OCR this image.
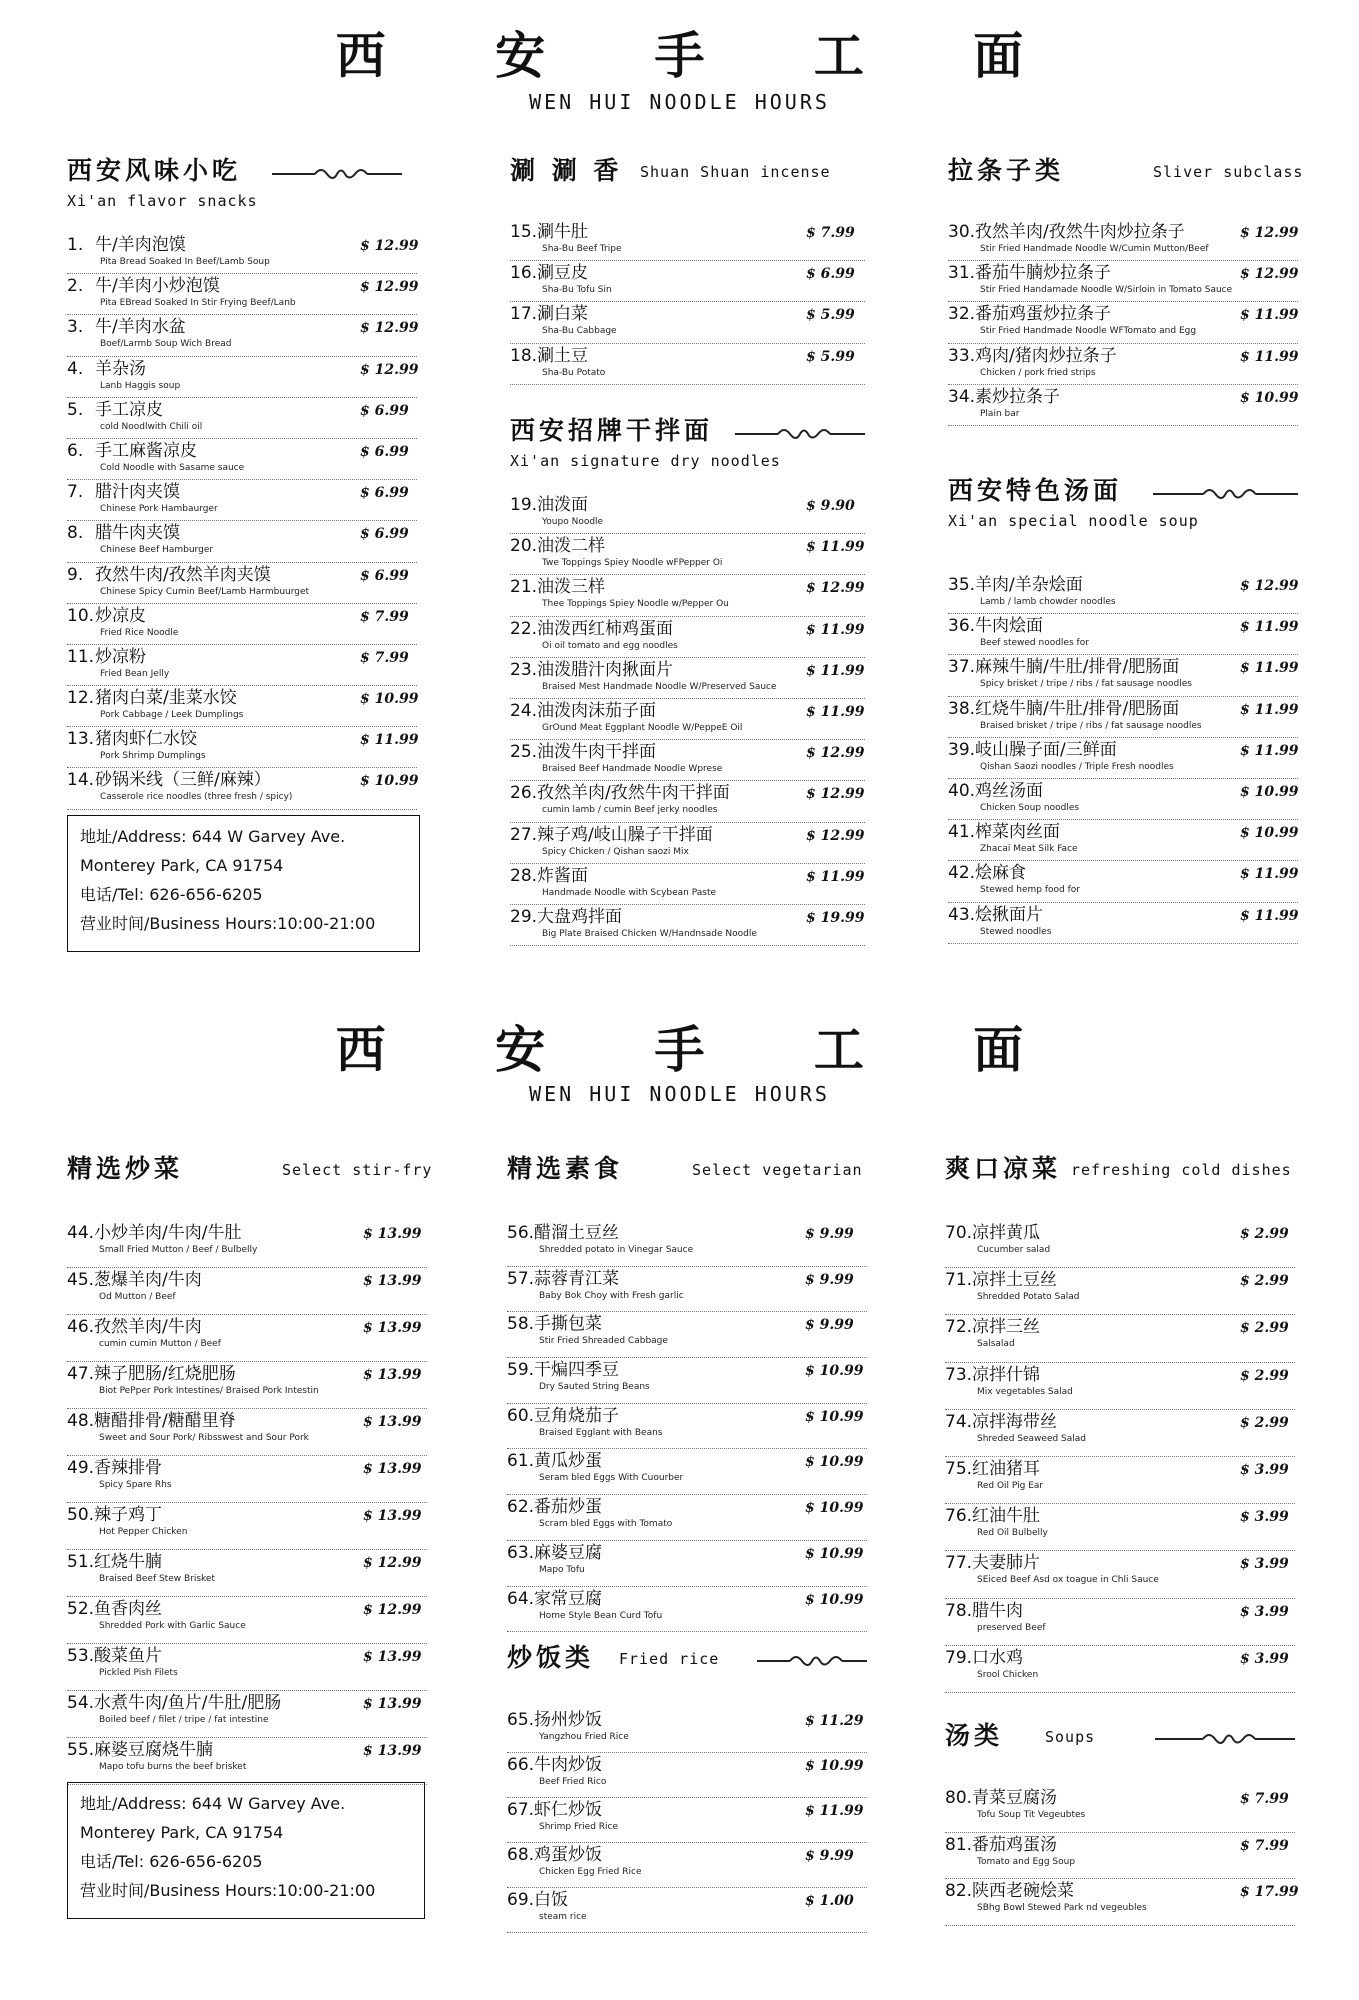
西 安 手 工 面
WEN HUI NOODLE HOURS
西安风味小吃
Xi'an flavor snacks
1. 牛/羊肉泡馍
Pita Bread Soaked In Beef/Lamb Soup
$ 12.99
2. 牛/羊肉小炒泡馍
Pita EBread Soaked In Stir Frying Beef/Lanb
$ 12.99
3. 牛/羊肉水盆
Boef/Larmb Soup Wich Bread
$ 12.99
4. 羊杂汤
Lanb Haggis soup
$ 12.99
5. 手工凉皮
cold Noodlwith Chili oil
$ 6.99
6. 手工麻酱凉皮
Cold Noodle with Sasame sauce
$ 6.99
7. 腊汁肉夹馍
Chinese Pork Hambaurger
$ 6.99
8. 腊牛肉夹馍
Chinese Beef Hamburger
$ 6.99
9. 孜然牛肉/孜然羊肉夹馍
Chinese Spicy Cumin Beef/Lamb Harmbuurget
$ 6.99
10.炒凉皮
Fried Rice Noodle
$ 7.99
11.炒凉粉
Fried Bean Jelly
$ 7.99
12.猪肉白菜/韭菜水饺
Pork Cabbage / Leek Dumplings
$ 10.99
13.猪肉虾仁水饺
Pork Shrimp Dumplings
$ 11.99
14.砂锅米线（三鲜/麻辣）
Casserole rice noodles (three fresh / spicy)
$ 10.99
地址/Address: 644 W Garvey Ave.
Monterey Park, CA 91754
电话/Tel: 626-656-6205
营业时间/Business Hours:10:00-21:00
涮 涮 香 Shuan Shuan incense
15.涮牛肚
Sha-Bu Beef Tripe
$ 7.99
16.涮豆皮
Sha-Bu Tofu Sin
$ 6.99
17.涮白菜
Sha-Bu Cabbage
$ 5.99
18.涮土豆
Sha-Bu Potato
$ 5.99
西安招牌干拌面
Xi'an signature dry noodles
19.油泼面
Youpo Noodle
$ 9.90
20.油泼二样
Twe Toppings Spiey Noodle wFPepper Oi
$ 11.99
21.油泼三样
Thee Toppings Spiey Noodle w/Pepper Ou
$ 12.99
22.油泼西红柿鸡蛋面
Oi oil tomato and egg noodles
$ 11.99
23.油泼腊汁肉揪面片
Braised Mest Handmade Noodle W/Preserved Sauce
$ 11.99
24.油泼肉沫茄子面
GrOund Meat Eggplant Noodle W/PeppeE Oil
$ 11.99
25.油泼牛肉干拌面
Braised Beef Handmade Noodle Wprese
$ 12.99
26.孜然羊肉/孜然牛肉干拌面
cumin lamb / cumin Beef jerky noodles
$ 12.99
27.辣子鸡/岐山臊子干拌面
Spicy Chicken / Qishan saozi Mix
$ 12.99
28.炸酱面
Handmade Noodle with Scybean Paste
$ 11.99
29.大盘鸡拌面
Big Plate Braised Chicken W/Handnsade Noodle
$ 19.99
拉条子类	Sliver subclass
30.孜然羊肉/孜然牛肉炒拉条子
Stir Fried Handmade Noodle W/Cumin Mutton/Beef
$ 12.99
31.番茄牛腩炒拉条子
Stir Fried Handamade Noodle W/Sirloin in Tomato Sauce
$ 12.99
32.番茄鸡蛋炒拉条子
Stir Fried Handmade Noodle WFTomato and Egg
$ 11.99
33.鸡肉/猪肉炒拉条子
Chicken / pork fried strips
$ 11.99
34.素炒拉条子
Plain bar
$ 10.99
西安特色汤面
Xi'an special noodle soup
35.羊肉/羊杂烩面
Lamb / lamb chowder noodles
$ 12.99
36.牛肉烩面
Beef stewed noodles for
$ 11.99
37.麻辣牛腩/牛肚/排骨/肥肠面
Spicy brisket / tripe / ribs / fat sausage noodles
$ 11.99
38.红烧牛腩/牛肚/排骨/肥肠面
Braised brisket / tripe / ribs / fat sausage noodles
$ 11.99
39.岐山臊子面/三鲜面
Qishan Saozi noodles / Triple Fresh noodles
$ 11.99
40.鸡丝汤面
Chicken Soup noodles
$ 10.99
41.榨菜肉丝面
Zhacai Meat Silk Face
$ 10.99
42.烩麻食
Stewed hemp food for
$ 11.99
43.烩揪面片
Stewed noodles
$ 11.99
西 安 手 工 面
WEN HUI NOODLE HOURS
精选炒菜	Select stir-fry
44.小炒羊肉/牛肉/牛肚
Small Fried Mutton / Beef / Bulbelly
$ 13.99
45.葱爆羊肉/牛肉
Od Mutton / Beef
$ 13.99
46.孜然羊肉/牛肉
cumin cumin Mutton / Beef
$ 13.99
47.辣子肥肠/红烧肥肠
Biot PePper Pork Intestines/ Braised Pork Intestin
$ 13.99
48.糖醋排骨/糖醋里脊
Sweet and Sour Pork/ Ribsswest and Sour Pork
$ 13.99
49.香辣排骨
Spicy Spare Rhs
$ 13.99
50.辣子鸡丁
Hot Pepper Chicken
$ 13.99
51.红烧牛腩
Braised Beef Stew Brisket
$ 12.99
52.鱼香肉丝
Shredded Pork with Garlic Sauce
$ 12.99
53.酸菜鱼片
Pickled Pish Filets
$ 13.99
54.水煮牛肉/鱼片/牛肚/肥肠
Boiled beef / filet / tripe / fat intestine
$ 13.99
55.麻婆豆腐烧牛腩
Mapo tofu burns the beef brisket
$ 13.99
地址/Address: 644 W Garvey Ave.
Monterey Park, CA 91754
电话/Tel: 626-656-6205
营业时间/Business Hours:10:00-21:00
精选素食	Select vegetarian
56.醋溜土豆丝
Shredded potato in Vinegar Sauce
$ 9.99
57.蒜蓉青江菜
Baby Bok Choy with Fresh garlic
$ 9.99
58.手撕包菜
Stir Fried Shreaded Cabbage
$ 9.99
59.干煸四季豆
Dry Sauted String Beans
$ 10.99
60.豆角烧茄子
Braised Egglant with Beans
$ 10.99
61.黄瓜炒蛋
Seram bled Eggs With Cuourber
$ 10.99
62.番茄炒蛋
Scram bled Eggs with Tomato
$ 10.99
63.麻婆豆腐
Mapo Tofu
$ 10.99
64.家常豆腐
Home Style Bean Curd Tofu
$ 10.99
炒饭类 Fried rice
65.扬州炒饭
Yangzhou Fried Rice
$ 11.29
66.牛肉炒饭
Beef Fried Rico
$ 10.99
67.虾仁炒饭
Shrimp Fried Rice
$ 11.99
68.鸡蛋炒饭
Chicken Egg Fried Rice
$ 9.99
69.白饭
steam rice
$ 1.00
爽口凉菜 refreshing cold dishes
70.凉拌黄瓜
Cucumber salad
$ 2.99
71.凉拌土豆丝
Shredded Potato Salad
$ 2.99
72.凉拌三丝
Salsalad
$ 2.99
73.凉拌什锦
Mix vegetables Salad
$ 2.99
74.凉拌海带丝
Shreded Seaweed Salad
$ 2.99
75.红油猪耳
Red Oil Pig Ear
$ 3.99
76.红油牛肚
Red Oil Bulbelly
$ 3.99
77.夫妻肺片
SEiced Beef Asd ox toague in Chli Sauce
$ 3.99
78.腊牛肉
preserved Beef
$ 3.99
79.口水鸡
Srool Chicken
$ 3.99
汤类	Soups
80.青菜豆腐汤
Tofu Soup Tit Vegeubtes
$ 7.99
81.番茄鸡蛋汤
Tomato and Egg Soup
$ 7.99
82.陕西老碗烩菜
SBhg Bowl Stewed Park nd vegeubles
$ 17.99
